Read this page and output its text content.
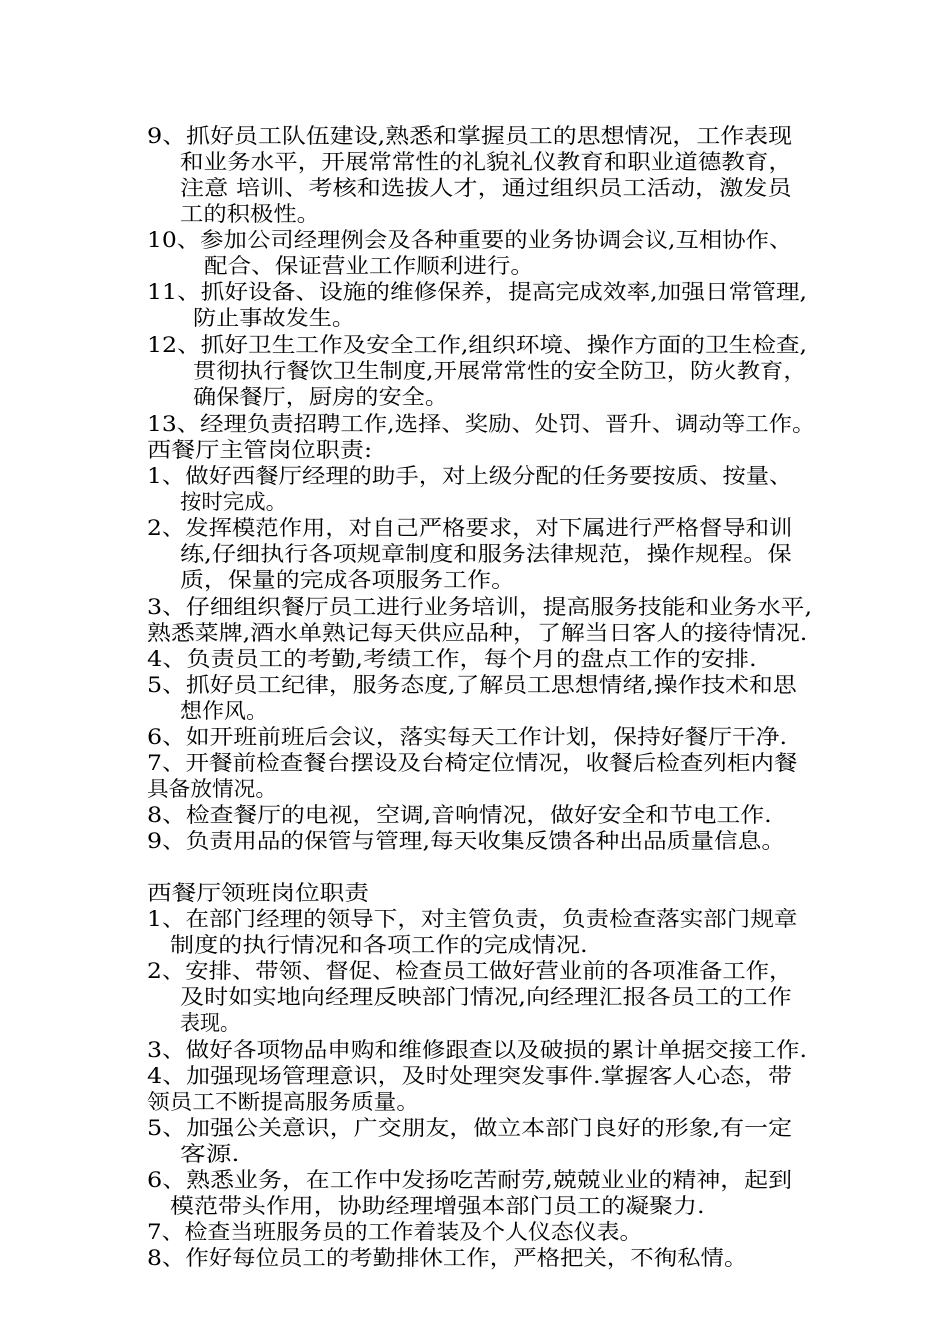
9、抓好员工队伍建设,熟悉和掌握员工的思想情况，工作表现
和业务水平，开展常常性的礼貌礼仪教育和职业道德教育，
注意 培训、考核和选拔人才，通过组织员工活动，激发员
工的积极性。
10、参加公司经理例会及各种重要的业务协调会议,互相协作、
配合、保证营业工作顺利进行。
11、抓好设备、设施的维修保养，提高完成效率,加强日常管理,
防止事故发生。
12、抓好卫生工作及安全工作,组织环境、操作方面的卫生检查,
贯彻执行餐饮卫生制度,开展常常性的安全防卫，防火教育，
确保餐厅，厨房的安全。
13、经理负责招聘工作,选择、奖励、处罚、晋升、调动等工作。
西餐厅主管岗位职责:
1、做好西餐厅经理的助手，对上级分配的任务要按质、按量、
按时完成。
2、发挥模范作用，对自己严格要求，对下属进行严格督导和训
练,仔细执行各项规章制度和服务法律规范，操作规程。保
质，保量的完成各项服务工作。
3、仔细组织餐厅员工进行业务培训，提高服务技能和业务水平,
熟悉菜牌,酒水单熟记每天供应品种，了解当日客人的接待情况.
4、负责员工的考勤,考绩工作，每个月的盘点工作的安排.
5、抓好员工纪律，服务态度,了解员工思想情绪,操作技术和思
想作风。
6、如开班前班后会议，落实每天工作计划，保持好餐厅干净.
7、开餐前检查餐台摆设及台椅定位情况，收餐后检查列柜内餐
具备放情况。
8、检查餐厅的电视，空调,音响情况，做好安全和节电工作.
9、负责用品的保管与管理,每天收集反馈各种出品质量信息。
西餐厅领班岗位职责
1、在部门经理的领导下，对主管负责，负责检查落实部门规章
制度的执行情况和各项工作的完成情况.
2、安排、带领、督促、检查员工做好营业前的各项准备工作，
及时如实地向经理反映部门情况,向经理汇报各员工的工作
表现。
3、做好各项物品申购和维修跟查以及破损的累计单据交接工作.
4、加强现场管理意识，及时处理突发事件.掌握客人心态，带
领员工不断提高服务质量。
5、加强公关意识，广交朋友，做立本部门良好的形象,有一定
客源.
6、熟悉业务，在工作中发扬吃苦耐劳,兢兢业业的精神，起到
模范带头作用，协助经理增强本部门员工的凝聚力.
7、检查当班服务员的工作着装及个人仪态仪表。
8、作好每位员工的考勤排休工作，严格把关，不徇私情。
